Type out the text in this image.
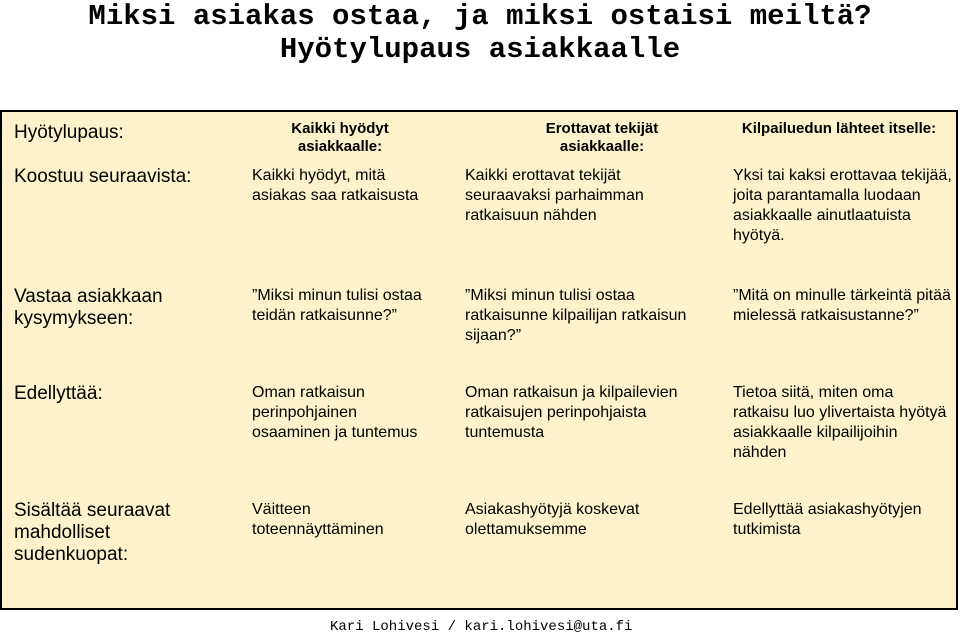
Miksi asiakas ostaa, ja miksi ostaisi meiltä?
Hyötylupaus asiakkaalle
Hyötylupaus:
Koostuu seuraavista:
Vastaa asiakkaan kysymykseen:
Edellyttää:
Sisältää seuraavat mahdolliset sudenkuopat:
Kaikki hyödyt asiakkaalle:
Erottavat tekijät asiakkaalle:
Kilpailuedun lähteet itselle:
Kaikki hyödyt, mitä asiakas saa ratkaisusta
Kaikki erottavat tekijät seuraavaksi parhaimman ratkaisuun nähden
Yksi tai kaksi erottavaa tekijää, joita parantamalla luodaan asiakkaalle ainutlaatuista hyötyä.
”Miksi minun tulisi ostaa teidän ratkaisunne?”
”Miksi minun tulisi ostaa ratkaisunne kilpailijan ratkaisun sijaan?”
”Mitä on minulle tärkeintä pitää mielessä ratkaisustanne?”
Oman ratkaisun perinpohjainen osaaminen ja tuntemus
Oman ratkaisun ja kilpailevien ratkaisujen perinpohjaista tuntemusta
Tietoa siitä, miten oma ratkaisu luo ylivertaista hyötyä asiakkaalle kilpailijoihin nähden
Väitteen toteennäyttäminen
Asiakashyötyjä koskevat olettamuksemme
Edellyttää asiakashyötyjen tutkimista
Kari Lohivesi / kari.lohivesi@uta.fi
